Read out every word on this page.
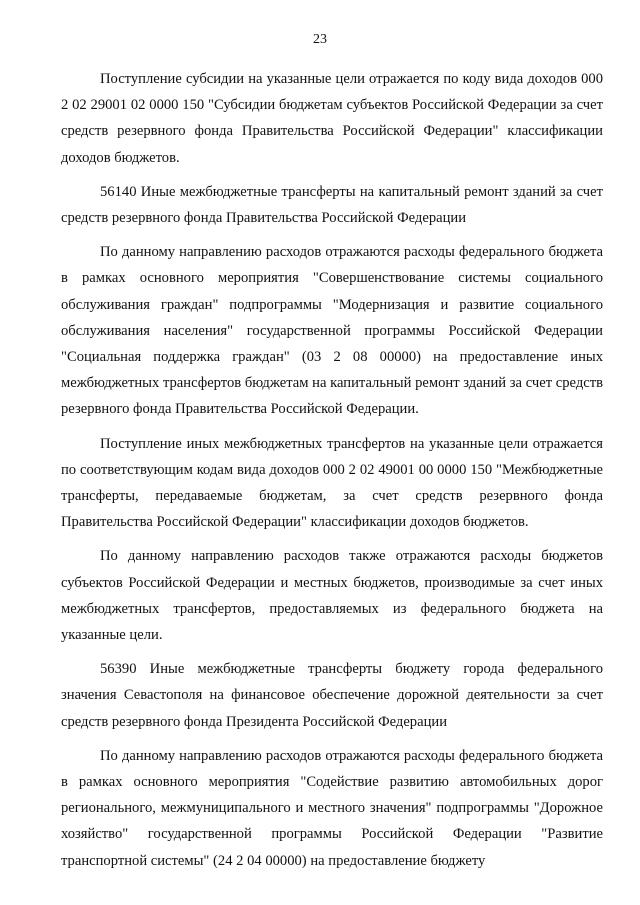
23

Поступление субсидии на указанные цели отражается по коду вида доходов 000 2 02 29001 02 0000 150 "Субсидии бюджетам субъектов Российской Федерации за счет средств резервного фонда Правительства Российской Федерации" классификации доходов бюджетов.

56140 Иные межбюджетные трансферты на капитальный ремонт зданий за счет средств резервного фонда Правительства Российской Федерации

По данному направлению расходов отражаются расходы федерального бюджета в рамках основного мероприятия "Совершенствование системы социального обслуживания граждан" подпрограммы "Модернизация и развитие социального обслуживания населения" государственной программы Российской Федерации "Социальная поддержка граждан" (03 2 08 00000) на предоставление иных межбюджетных трансфертов бюджетам на капитальный ремонт зданий за счет средств резервного фонда Правительства Российской Федерации.

Поступление иных межбюджетных трансфертов на указанные цели отражается по соответствующим кодам вида доходов 000 2 02 49001 00 0000 150 "Межбюджетные трансферты, передаваемые бюджетам, за счет средств резервного фонда Правительства Российской Федерации" классификации доходов бюджетов.

По данному направлению расходов также отражаются расходы бюджетов субъектов Российской Федерации и местных бюджетов, производимые за счет иных межбюджетных трансфертов, предоставляемых из федерального бюджета на указанные цели.

56390 Иные межбюджетные трансферты бюджету города федерального значения Севастополя на финансовое обеспечение дорожной деятельности за счет средств резервного фонда Президента Российской Федерации

По данному направлению расходов отражаются расходы федерального бюджета в рамках основного мероприятия "Содействие развитию автомобильных дорог регионального, межмуниципального и местного значения" подпрограммы "Дорожное хозяйство" государственной программы Российской Федерации "Развитие транспортной системы" (24 2 04 00000) на предоставление бюджету
